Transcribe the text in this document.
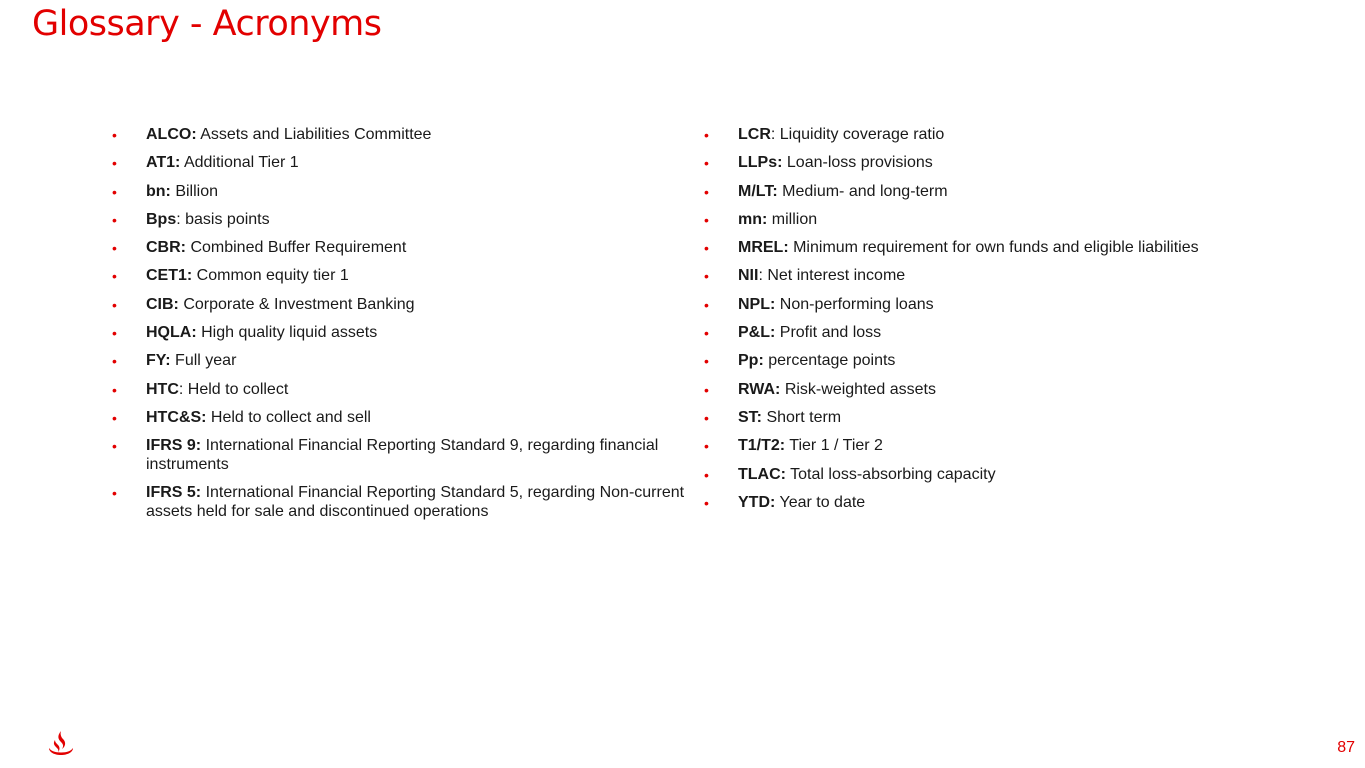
Glossary - Acronyms
• ALCO: Assets and Liabilities Committee
• AT1: Additional Tier 1
• bn: Billion
• Bps: basis points
• CBR: Combined Buffer Requirement
• CET1: Common equity tier 1
• CIB: Corporate & Investment Banking
• HQLA: High quality liquid assets
• FY: Full year
• HTC: Held to collect
• HTC&S: Held to collect and sell
• IFRS 9: International Financial Reporting Standard 9, regarding financial instruments
• IFRS 5: International Financial Reporting Standard 5, regarding Non-current assets held for sale and discontinued operations
• LCR: Liquidity coverage ratio
• LLPs: Loan-loss provisions
• M/LT: Medium- and long-term
• mn: million
• MREL: Minimum requirement for own funds and eligible liabilities
• NII: Net interest income
• NPL: Non-performing loans
• P&L: Profit and loss
• Pp: percentage points
• RWA: Risk-weighted assets
• ST: Short term
• T1/T2: Tier 1 / Tier 2
• TLAC: Total loss-absorbing capacity
• YTD: Year to date
87
